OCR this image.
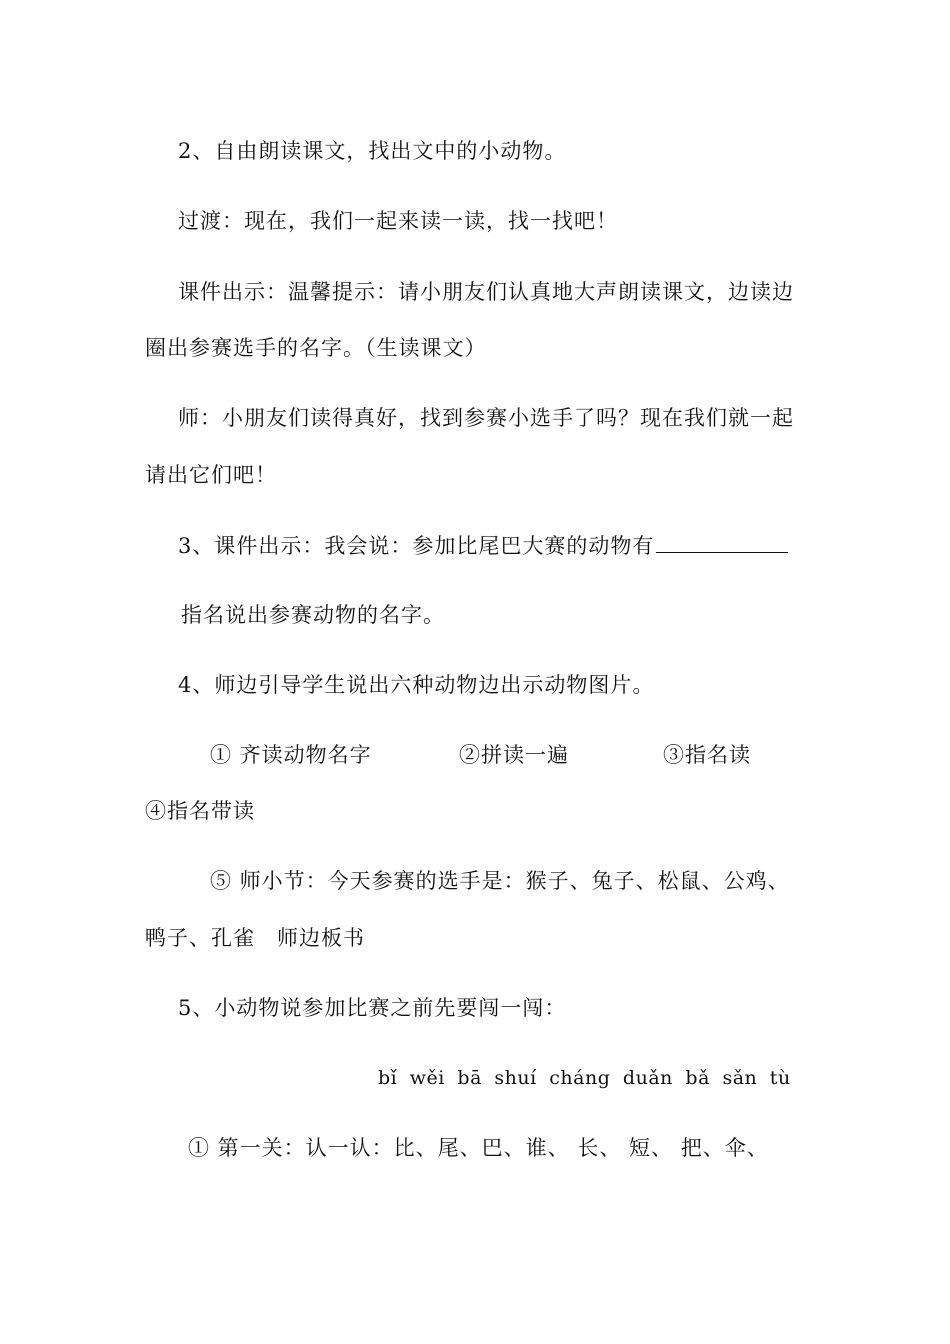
2、自由朗读课文，找出文中的小动物。
过渡：现在，我们一起来读一读，找一找吧！
课件出示：温馨提示：请小朋友们认真地大声朗读课文，边读边
圈出参赛选手的名字。（生读课文）
师：小朋友们读得真好，找到参赛小选手了吗？现在我们就一起
请出它们吧！
3、课件出示：我会说：参加比尾巴大赛的动物有
指名说出参赛动物的名字。
4、师边引导学生说出六种动物边出示动物图片。
① 齐读动物名字	②拼读一遍	③指名读
④指名带读
⑤ 师小节：今天参赛的选手是：猴子、兔子、松鼠、公鸡、
鸭子、孔雀　师边板书
5、小动物说参加比赛之前先要闯一闯：
bǐ wěi bā shuí cháng duǎn bǎ sǎn tù
① 第一关：认一认：比、尾、巴、谁、 长、 短、 把、伞、
